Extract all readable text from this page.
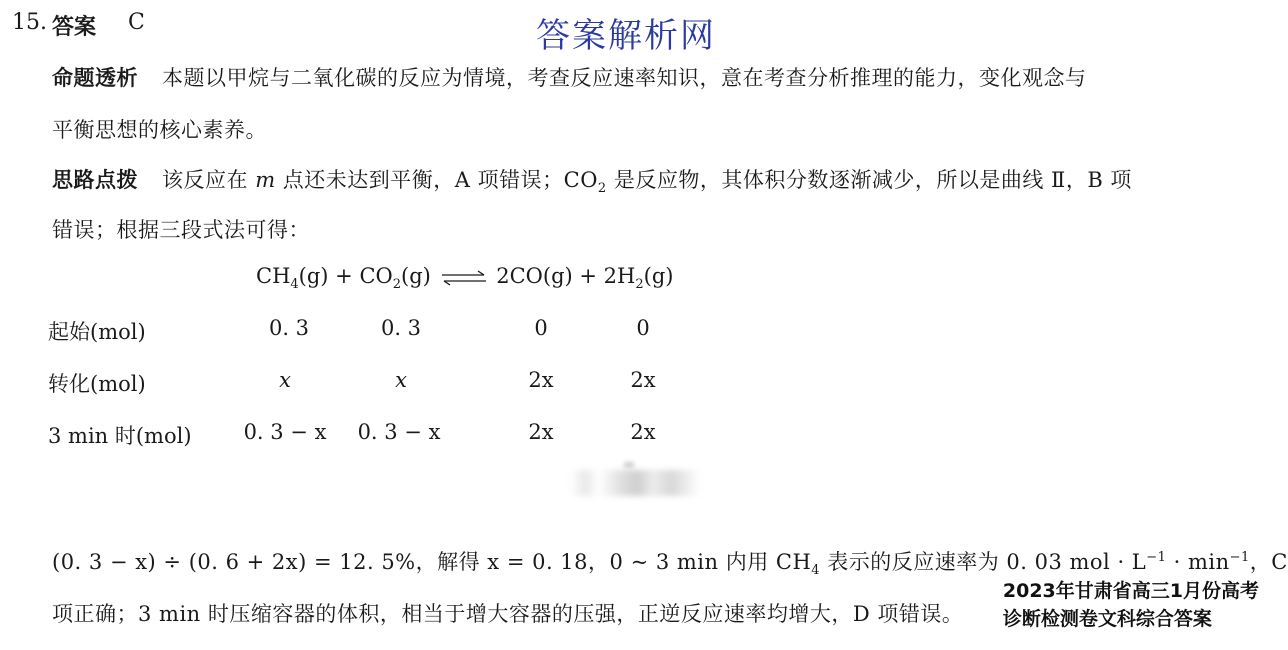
15. 答案 C	答案解析网
命题透析 本题以甲烷与二氧化碳的反应为情境，考查反应速率知识，意在考查分析推理的能力，变化观念与
平衡思想的核心素养。
思路点拨 该反应在 m 点还未达到平衡，A 项错误；$CO_2$ 是反应物，其体积分数逐渐减少，所以是曲线 Ⅱ，B 项
错误；根据三段式法可得：
$CH_4(g) + CO_2(g)$ ⇌ $2CO(g) + 2H_2(g)$
起始(mol)	0. 3	0. 3	0	0
转化(mol)	x	x	2x	2x
3 min 时(mol)	0. 3 − x	0. 3 − x	2x	2x
(0. 3 − x) ÷ (0. 6 + 2x) = 12. 5%，解得 x = 0. 18，0 ~ 3 min 内用 $CH_4$ 表示的反应速率为 0. 03 mol · $L^{-1} \cdot \min^{-1}$，C
项正确；3 min 时压缩容器的体积，相当于增大容器的压强，正逆反应速率均增大，D 项错误。
2023年甘肃省高三1月份高考
诊断检测卷文科综合答案
